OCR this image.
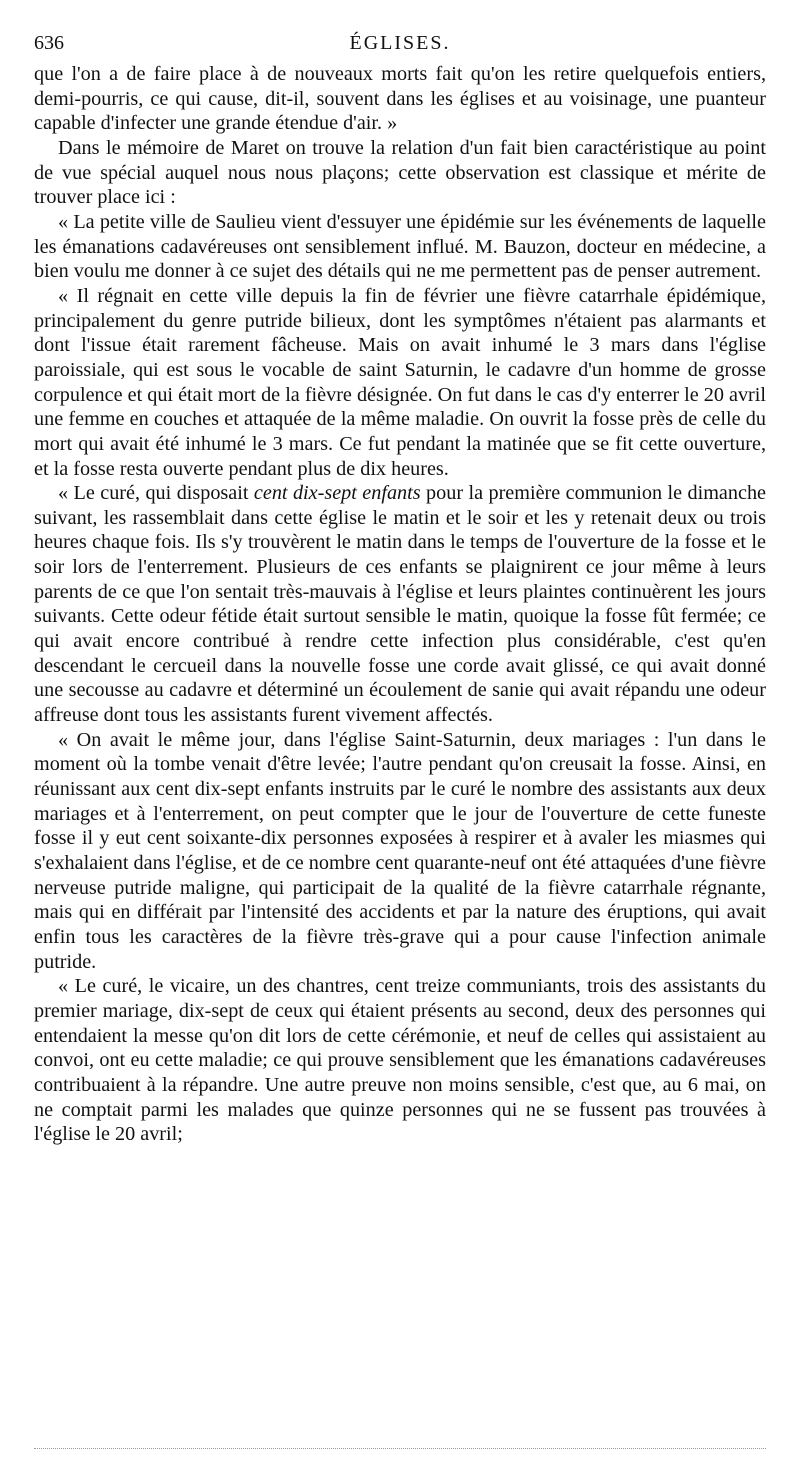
636	ÉGLISES.

que l'on a de faire place à de nouveaux morts fait qu'on les retire quelquefois entiers, demi-pourris, ce qui cause, dit-il, souvent dans les églises et au voisinage, une puanteur capable d'infecter une grande étendue d'air. »

Dans le mémoire de Maret on trouve la relation d'un fait bien caractéristique au point de vue spécial auquel nous nous plaçons; cette observation est classique et mérite de trouver place ici :

« La petite ville de Saulieu vient d'essuyer une épidémie sur les événements de laquelle les émanations cadavéreuses ont sensiblement influé. M. Bauzon, docteur en médecine, a bien voulu me donner à ce sujet des détails qui ne me permettent pas de penser autrement.

« Il régnait en cette ville depuis la fin de février une fièvre catarrhale épidémique, principalement du genre putride bilieux, dont les symptômes n'étaient pas alarmants et dont l'issue était rarement fâcheuse. Mais on avait inhumé le 3 mars dans l'église paroissiale, qui est sous le vocable de saint Saturnin, le cadavre d'un homme de grosse corpulence et qui était mort de la fièvre désignée. On fut dans le cas d'y enterrer le 20 avril une femme en couches et attaquée de la même maladie. On ouvrit la fosse près de celle du mort qui avait été inhumé le 3 mars. Ce fut pendant la matinée que se fit cette ouverture, et la fosse resta ouverte pendant plus de dix heures.

« Le curé, qui disposait cent dix-sept enfants pour la première communion le dimanche suivant, les rassemblait dans cette église le matin et le soir et les y retenait deux ou trois heures chaque fois. Ils s'y trouvèrent le matin dans le temps de l'ouverture de la fosse et le soir lors de l'enterrement. Plusieurs de ces enfants se plaignirent ce jour même à leurs parents de ce que l'on sentait très-mauvais à l'église et leurs plaintes continuèrent les jours suivants. Cette odeur fétide était surtout sensible le matin, quoique la fosse fût fermée; ce qui avait encore contribué à rendre cette infection plus considérable, c'est qu'en descendant le cercueil dans la nouvelle fosse une corde avait glissé, ce qui avait donné une secousse au cadavre et déterminé un écoulement de sanie qui avait répandu une odeur affreuse dont tous les assistants furent vivement affectés.

« On avait le même jour, dans l'église Saint-Saturnin, deux mariages : l'un dans le moment où la tombe venait d'être levée; l'autre pendant qu'on creusait la fosse. Ainsi, en réunissant aux cent dix-sept enfants instruits par le curé le nombre des assistants aux deux mariages et à l'enterrement, on peut compter que le jour de l'ouverture de cette funeste fosse il y eut cent soixante-dix personnes exposées à respirer et à avaler les miasmes qui s'exhalaient dans l'église, et de ce nombre cent quarante-neuf ont été attaquées d'une fièvre nerveuse putride maligne, qui participait de la qualité de la fièvre catarrhale régnante, mais qui en différait par l'intensité des accidents et par la nature des éruptions, qui avait enfin tous les caractères de la fièvre très-grave qui a pour cause l'infection animale putride.

« Le curé, le vicaire, un des chantres, cent treize communiants, trois des assistants du premier mariage, dix-sept de ceux qui étaient présents au second, deux des personnes qui entendaient la messe qu'on dit lors de cette cérémonie, et neuf de celles qui assistaient au convoi, ont eu cette maladie; ce qui prouve sensiblement que les émanations cadavéreuses contribuaient à la répandre. Une autre preuve non moins sensible, c'est que, au 6 mai, on ne comptait parmi les malades que quinze personnes qui ne se fussent pas trouvées à l'église le 20 avril;
